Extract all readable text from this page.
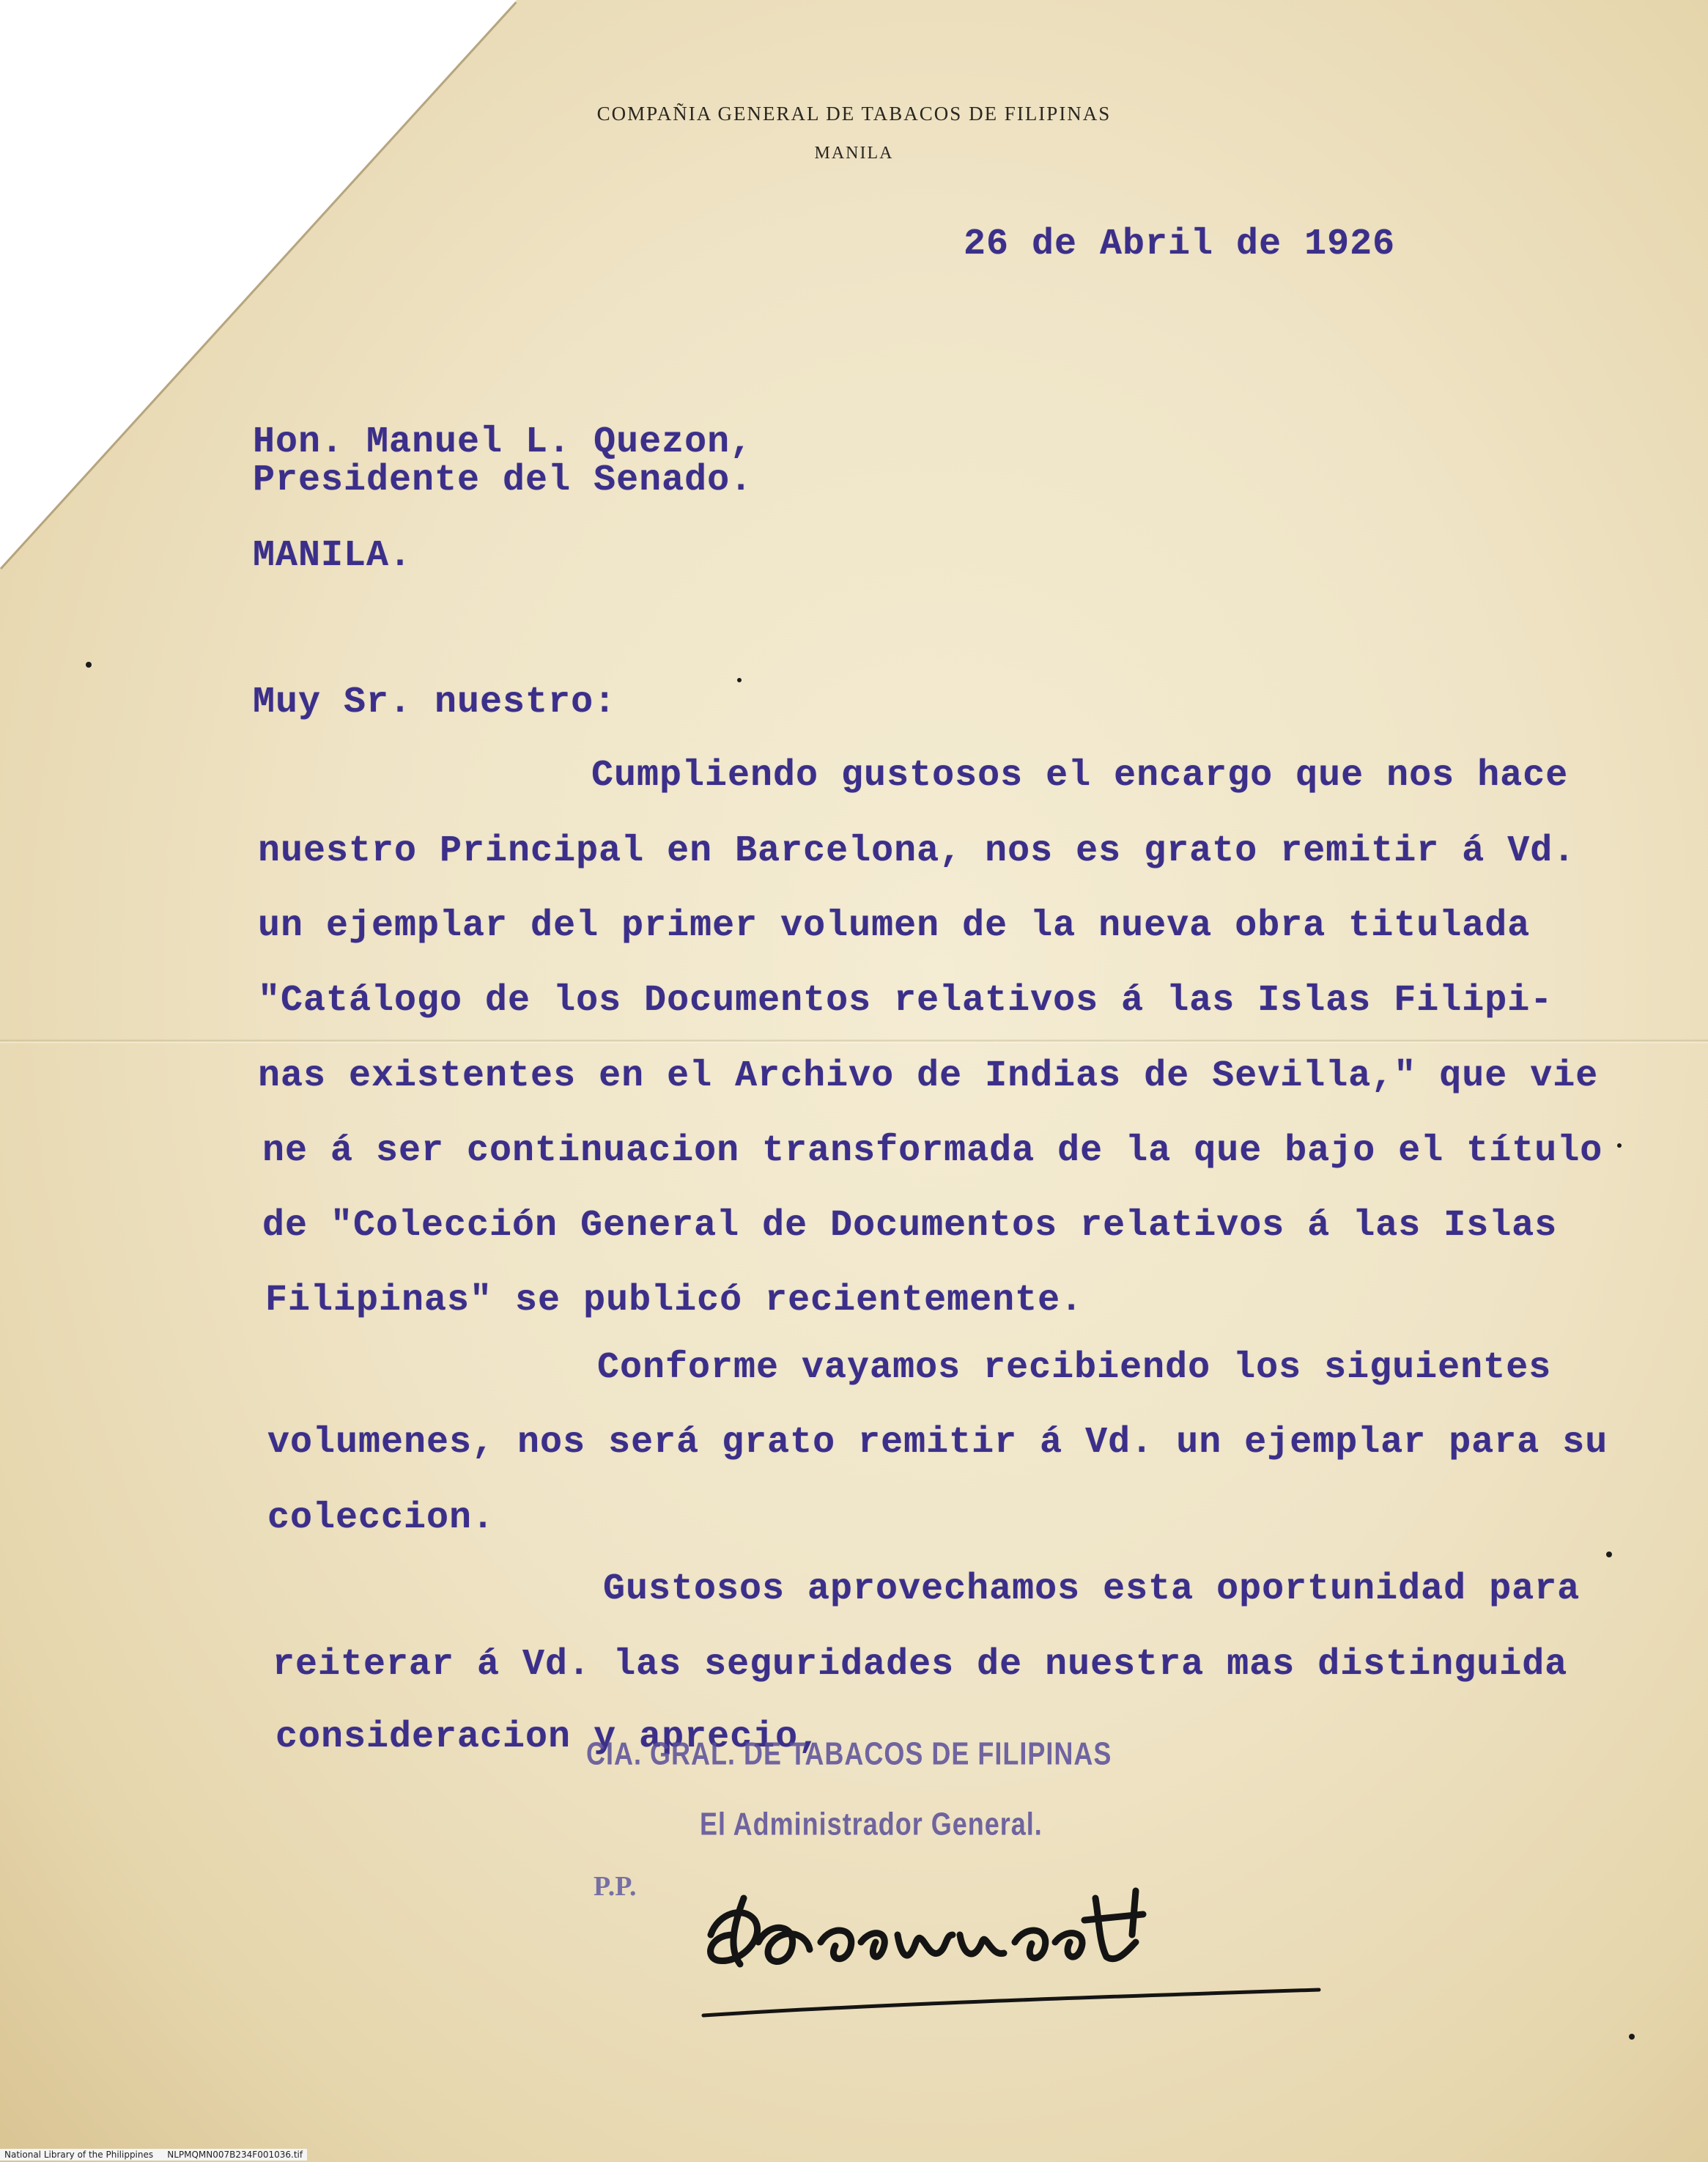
COMPAÑIA GENERAL DE TABACOS DE FILIPINAS
MANILA
26 de Abril de 1926
Hon. Manuel L. Quezon,
Presidente del Senado.
MANILA.
Muy Sr. nuestro:
Cumpliendo gustosos el encargo que nos hace
nuestro Principal en Barcelona, nos es grato remitir á Vd.
un ejemplar del primer volumen de la nueva obra titulada
"Catálogo de los Documentos relativos á las Islas Filipi-
nas existentes en el Archivo de Indias de Sevilla," que vie
ne á ser continuacion transformada de la que bajo el título
de "Colección General de Documentos relativos á las Islas
Filipinas" se publicó recientemente.
Conforme vayamos recibiendo los siguientes
volumenes, nos será grato remitir á Vd. un ejemplar para su
coleccion.
Gustosos aprovechamos esta oportunidad para
reiterar á Vd. las seguridades de nuestra mas distinguida
consideracion y aprecio,
CIA. GRAL. DE TABACOS DE FILIPINAS
El Administrador General.
P.P.
National Library of the Philippines NLPMQMN007B234F001036.tif
